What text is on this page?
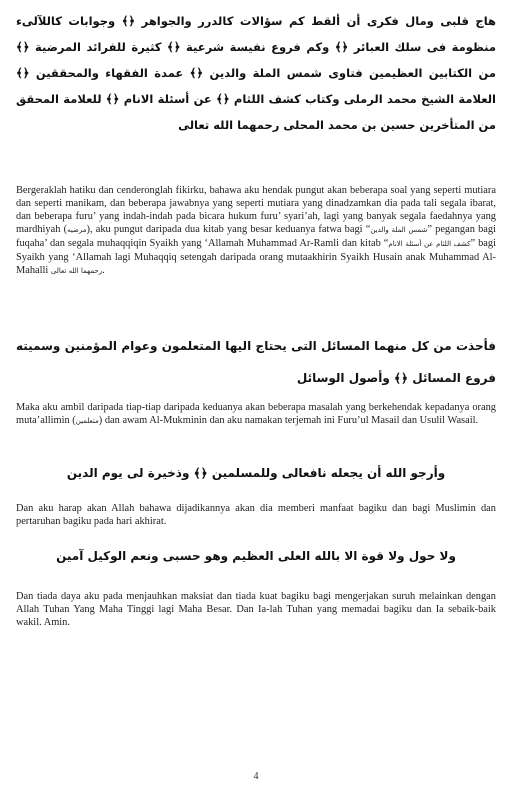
هاج قلبى ومال فكرى أن ألقط كم سؤالات كالدرر والجواهر ﴿﴾ وجوابات كاللآلىء منظومة فى سلك العبائر ﴿﴾ وكم فروع نفيسة شرعية ﴿﴾ كثيرة للفرائد المرضية ﴿﴾ من الكتابين العظيمين فتاوى شمس الملة والدين ﴿﴾ عمدة الفقهاء والمحققين ﴿﴾ العلامة الشيخ محمد الرملى وكتاب كشف اللثام ﴿﴾ عن أسئلة الانام ﴿﴾ للعلامة المحقق من المتأخرين حسين بن محمد المحلى رحمهما الله تعالى

Bergeraklah hatiku dan cenderonglah fikirku, bahawa aku hendak pungut akan beberapa soal yang seperti mutiara dan seperti manikam, dan beberapa jawabnya yang seperti mutiara yang dinadzamkan dia pada tali segala ibarat, dan beberapa furu’ yang indah-indah pada bicara hukum furu’ syari’ah, lagi yang banyak segala faedahnya yang mardhiyah (مرضيه), aku pungut daripada dua kitab yang besar keduanya fatwa bagi “شمس الملة والدين” pegangan bagi fuqaha’ dan segala muhaqqiqin Syaikh yang ‘Allamah Muhammad Ar-Ramli dan kitab “كشف اللثام عن أسئلة الانام” bagi Syaikh yang ‘Allamah lagi Muhaqqiq setengah daripada orang mutaakhirin Syaikh Husain anak Muhammad Al-Mahalli رحمهما الله تعالى.

فأحذت من كل منهما المسائل التى يحتاج اليها المتعلمون وعوام المؤمنين وسميته فروع المسائل ﴿﴾ وأصول الوسائل

Maka aku ambil daripada tiap-tiap daripada keduanya akan beberapa masalah yang berkehendak kepadanya orang muta’allimin (متعلمين) dan awam Al-Mukminin dan aku namakan terjemah ini Furu’ul Masail dan Usulil Wasail.

وأرجو الله أن يجعله نافعالى وللمسلمين ﴿﴾ وذخيرة لى يوم الدين

Dan aku harap akan Allah bahawa dijadikannya akan dia memberi manfaat bagiku dan bagi Muslimin dan pertaruhan bagiku pada hari akhirat.

ولا حول ولا قوة الا بالله العلى العظيم وهو حسبى ونعم الوكيل آمين

Dan tiada daya aku pada menjauhkan maksiat dan tiada kuat bagiku bagi mengerjakan suruh melainkan dengan Allah Tuhan Yang Maha Tinggi lagi Maha Besar. Dan Ia-lah Tuhan yang memadai bagiku dan Ia sebaik-baik wakil. Amin.

4
